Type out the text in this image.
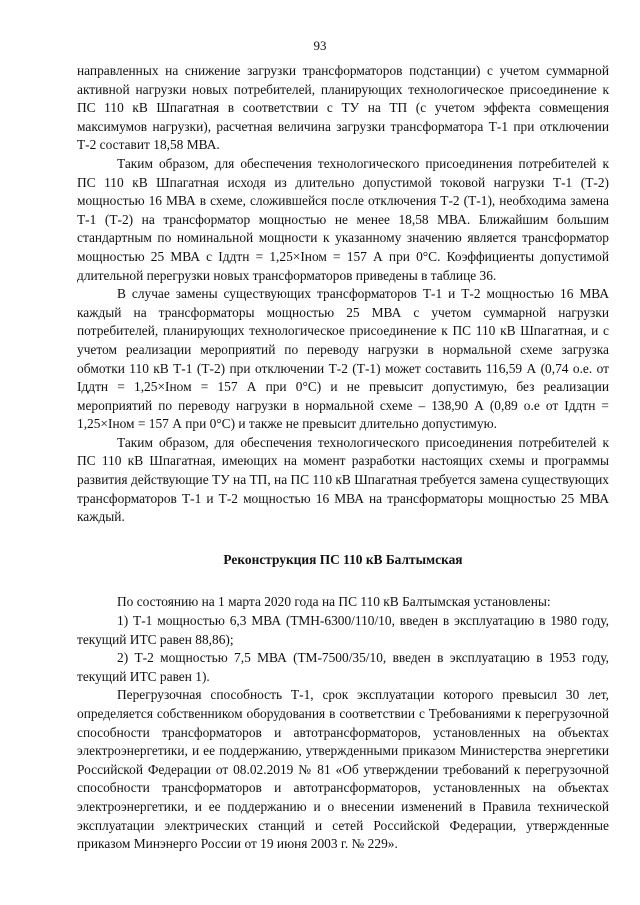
93

направленных на снижение загрузки трансформаторов подстанции) с учетом суммарной активной нагрузки новых потребителей, планирующих технологическое присоединение к ПС 110 кВ Шпагатная в соответствии с ТУ на ТП (с учетом эффекта совмещения максимумов нагрузки), расчетная величина загрузки трансформатора Т-1 при отключении Т-2 составит 18,58 МВА.

Таким образом, для обеспечения технологического присоединения потребителей к ПС 110 кВ Шпагатная исходя из длительно допустимой токовой нагрузки Т-1 (Т-2) мощностью 16 МВА в схеме, сложившейся после отключения Т-2 (Т-1), необходима замена Т-1 (Т-2) на трансформатор мощностью не менее 18,58 МВА. Ближайшим большим стандартным по номинальной мощности к указанному значению является трансформатор мощностью 25 МВА с Iддтн = 1,25×Iном = 157 А при 0°С. Коэффициенты допустимой длительной перегрузки новых трансформаторов приведены в таблице 36.

В случае замены существующих трансформаторов Т-1 и Т-2 мощностью 16 МВА каждый на трансформаторы мощностью 25 МВА с учетом суммарной нагрузки потребителей, планирующих технологическое присоединение к ПС 110 кВ Шпагатная, и с учетом реализации мероприятий по переводу нагрузки в нормальной схеме загрузка обмотки 110 кВ Т-1 (Т-2) при отключении Т-2 (Т-1) может составить 116,59 А (0,74 о.е. от Iддтн = 1,25×Iном = 157 А при 0°С) и не превысит допустимую, без реализации мероприятий по переводу нагрузки в нормальной схеме – 138,90 А (0,89 о.е от Iддтн = 1,25×Iном = 157 А при 0°С) и также не превысит длительно допустимую.

Таким образом, для обеспечения технологического присоединения потребителей к ПС 110 кВ Шпагатная, имеющих на момент разработки настоящих схемы и программы развития действующие ТУ на ТП, на ПС 110 кВ Шпагатная требуется замена существующих трансформаторов Т-1 и Т-2 мощностью 16 МВА на трансформаторы мощностью 25 МВА каждый.

Реконструкция ПС 110 кВ Балтымская

По состоянию на 1 марта 2020 года на ПС 110 кВ Балтымская установлены:

1) Т-1 мощностью 6,3 МВА (ТМН-6300/110/10, введен в эксплуатацию в 1980 году, текущий ИТС равен 88,86);

2) Т-2 мощностью 7,5 МВА (ТМ-7500/35/10, введен в эксплуатацию в 1953 году, текущий ИТС равен 1).

Перегрузочная способность Т-1, срок эксплуатации которого превысил 30 лет, определяется собственником оборудования в соответствии с Требованиями к перегрузочной способности трансформаторов и автотрансформаторов, установленных на объектах электроэнергетики, и ее поддержанию, утвержденными приказом Министерства энергетики Российской Федерации от 08.02.2019 № 81 «Об утверждении требований к перегрузочной способности трансформаторов и автотрансформаторов, установленных на объектах электроэнергетики, и ее поддержанию и о внесении изменений в Правила технической эксплуатации электрических станций и сетей Российской Федерации, утвержденные приказом Минэнерго России от 19 июня 2003 г. № 229».
